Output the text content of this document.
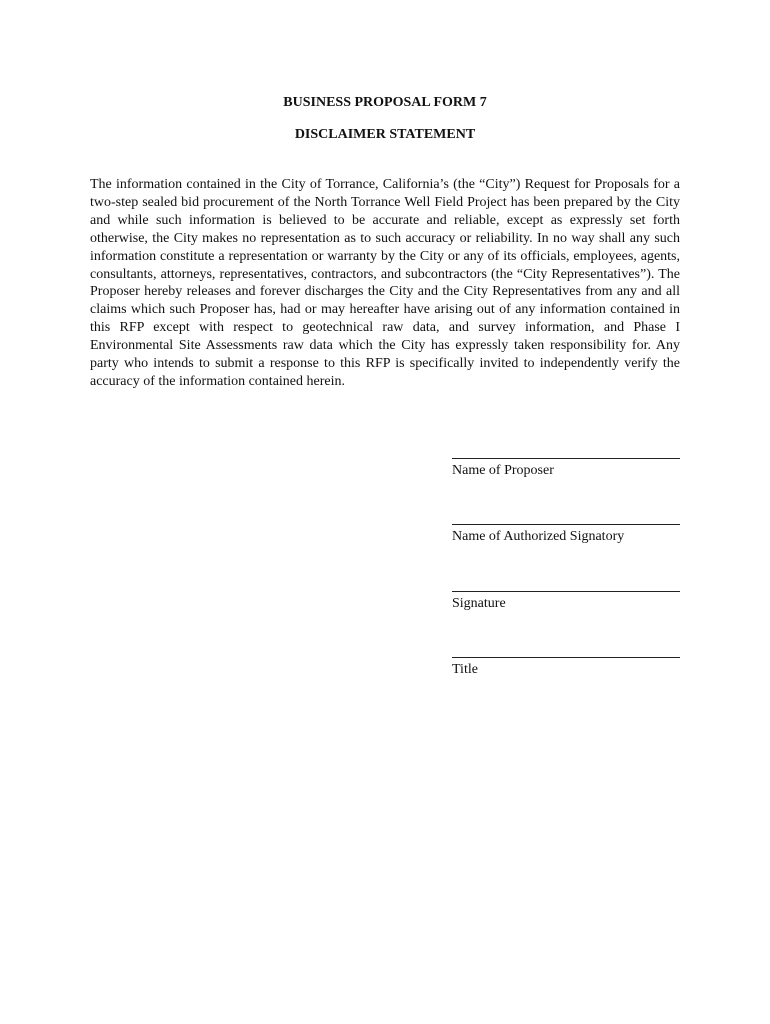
BUSINESS PROPOSAL FORM 7
DISCLAIMER STATEMENT

The information contained in the City of Torrance, California’s (the “City”) Request for Proposals for a two-step sealed bid procurement of the North Torrance Well Field Project has been prepared by the City and while such information is believed to be accurate and reliable, except as expressly set forth otherwise, the City makes no representation as to such accuracy or reliability. In no way shall any such information constitute a representation or warranty by the City or any of its officials, employees, agents, consultants, attorneys, representatives, contractors, and subcontractors (the “City Representatives”). The Proposer hereby releases and forever discharges the City and the City Representatives from any and all claims which such Proposer has, had or may hereafter have arising out of any information contained in this RFP except with respect to geotechnical raw data, and survey information, and Phase I Environmental Site Assessments raw data which the City has expressly taken responsibility for. Any party who intends to submit a response to this RFP is specifically invited to independently verify the accuracy of the information contained herein.

Name of Proposer
Name of Authorized Signatory
Signature
Title
